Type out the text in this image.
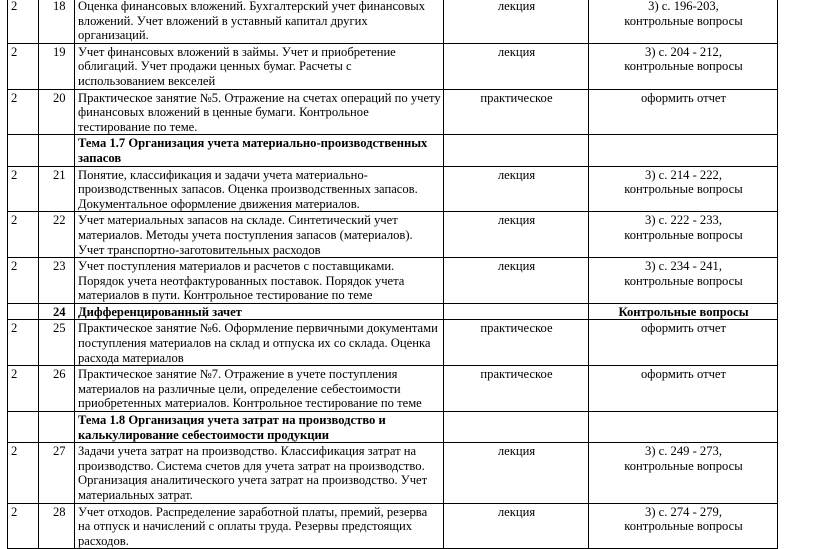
2	18	Оценка финансовых вложений. Бухгалтерский учет финансовых вложений. Учет вложений в уставный капитал других организаций.	лекция	3) с. 196-203,
контрольные вопросы
2	19	Учет финансовых вложений в займы. Учет и приобретение облигаций. Учет продажи ценных бумаг. Расчеты с использованием векселей	лекция	3) с. 204 - 212,
контрольные вопросы
2	20	Практическое занятие №5. Отражение на счетах операций по учету финансовых вложений в ценные бумаги. Контрольное тестирование по теме.	практическое	оформить отчет
		Тема 1.7 Организация учета материально-производственных запасов		
2	21	Понятие, классификация и задачи учета материально-производственных запасов. Оценка производственных запасов. Документальное оформление движения материалов.	лекция	3) с. 214 - 222,
контрольные вопросы
2	22	Учет материальных запасов на складе. Синтетический учет материалов. Методы учета поступления запасов (материалов). Учет транспортно-заготовительных расходов	лекция	3) с. 222 - 233,
контрольные вопросы
2	23	Учет поступления материалов и расчетов с поставщиками. Порядок учета неотфактурованных поставок. Порядок учета материалов в пути. Контрольное тестирование по теме	лекция	3) с. 234 - 241,
контрольные вопросы
	24	Дифференцированный зачет		Контрольные вопросы
2	25	Практическое занятие №6. Оформление первичными документами поступления материалов на склад и отпуска их со склада. Оценка расхода материалов	практическое	оформить отчет
2	26	Практическое занятие №7. Отражение в учете поступления материалов на различные цели, определение себестоимости приобретенных материалов. Контрольное тестирование по теме	практическое	оформить отчет
		Тема 1.8 Организация учета затрат на производство и калькулирование себестоимости продукции		
2	27	Задачи учета затрат на производство. Классификация затрат на производство. Система счетов для учета затрат на производство. Организация аналитического учета затрат на производство. Учет материальных затрат.	лекция	3) с. 249 - 273,
контрольные вопросы
2	28	Учет отходов. Распределение заработной платы, премий, резерва на отпуск и начислений с оплаты труда. Резервы предстоящих расходов.	лекция	3) с. 274 - 279,
контрольные вопросы
